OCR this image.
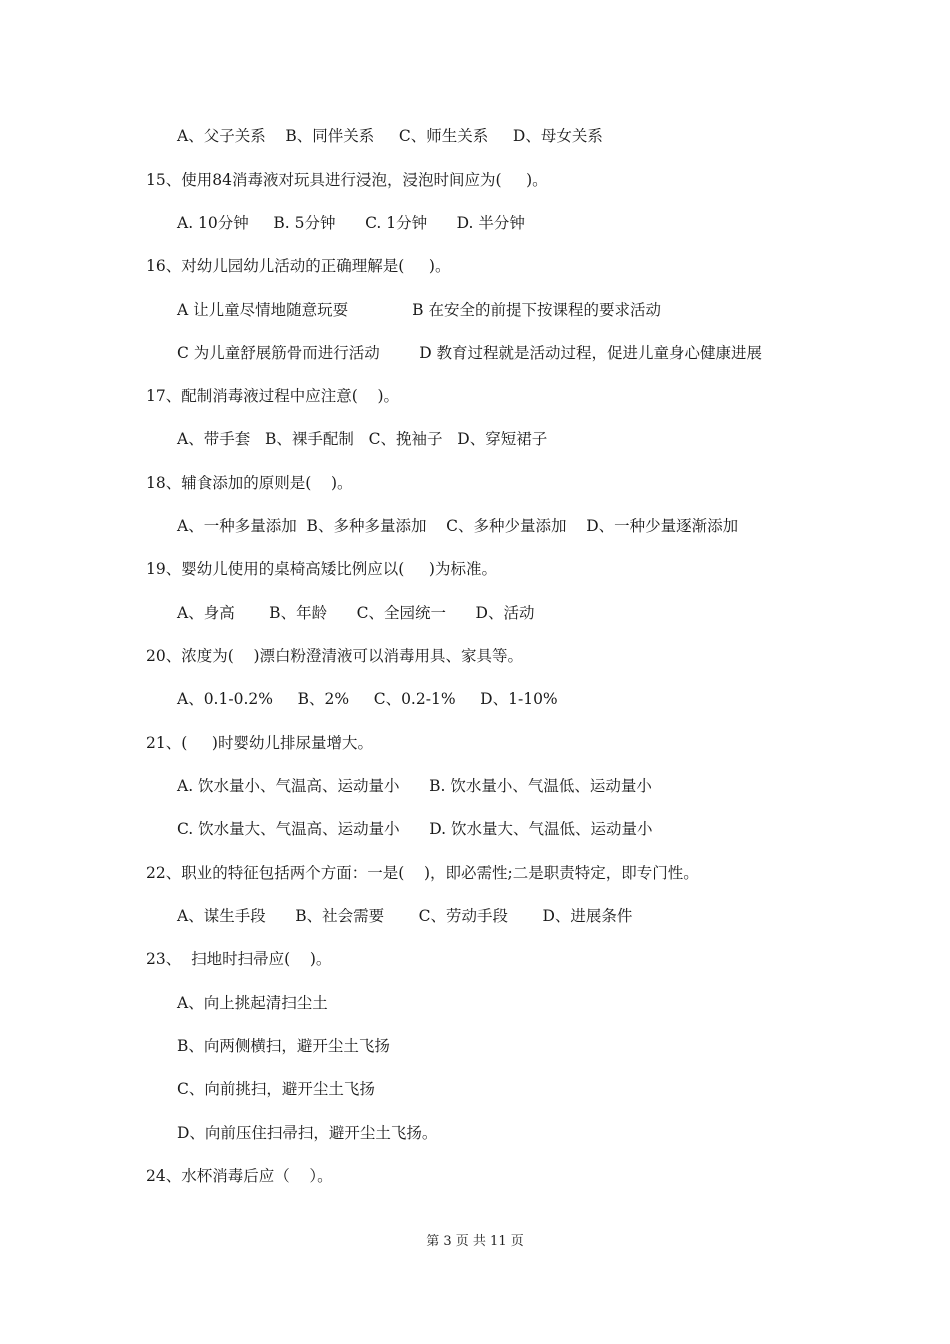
A、父子关系    B、同伴关系     C、师生关系     D、母女关系
15、使用84消毒液对玩具进行浸泡，浸泡时间应为(     )。
A. 10分钟     B. 5分钟      C. 1分钟      D. 半分钟
16、对幼儿园幼儿活动的正确理解是(     )。
A 让儿童尽情地随意玩耍             B 在安全的前提下按课程的要求活动
C 为儿童舒展筋骨而进行活动        D 教育过程就是活动过程，促进儿童身心健康进展
17、配制消毒液过程中应注意(    )。
A、带手套   B、裸手配制   C、挽袖子   D、穿短裙子
18、辅食添加的原则是(    )。
A、一种多量添加  B、多种多量添加    C、多种少量添加    D、一种少量逐渐添加
19、婴幼儿使用的桌椅高矮比例应以(     )为标准。
A、身高       B、年龄      C、全园统一      D、活动
20、浓度为(    )漂白粉澄清液可以消毒用具、家具等。
A、0.1-0.2%     B、2%     C、0.2-1%     D、1-10%
21、(     )时婴幼儿排尿量增大。
A. 饮水量小、气温高、运动量小      B. 饮水量小、气温低、运动量小
C. 饮水量大、气温高、运动量小      D. 饮水量大、气温低、运动量小
22、职业的特征包括两个方面：一是(    )，即必需性;二是职责特定，即专门性。
A、谋生手段      B、社会需要       C、劳动手段       D、进展条件
23、  扫地时扫帚应(    )。
A、向上挑起清扫尘土
B、向两侧横扫，避开尘土飞扬
C、向前挑扫，避开尘土飞扬
D、向前压住扫帚扫，避开尘土飞扬。
24、水杯消毒后应（    ）。
第 3 页 共 11 页
